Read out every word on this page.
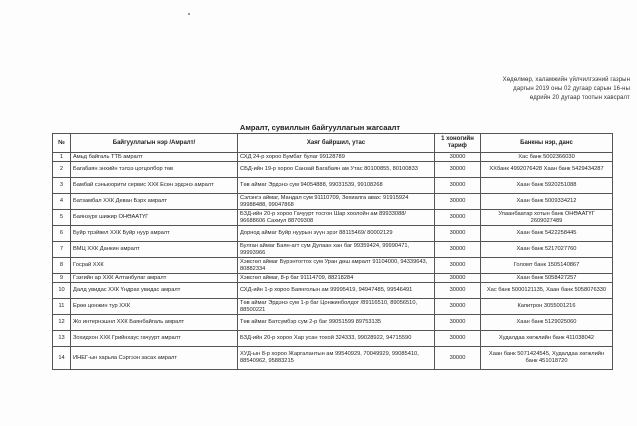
Хөдөлмөр, халамжийн үйлчилгээний газрын
даргын 2019 оны 02 дугаар сарын 16-ны
өдрийн 20 дугаар тоотын хавсралт
Амралт, сувиллын байгууллагын жагсаалт
№	Байгууллагын нэр /Амралт/	Хаяг байршил, утас	1 хоногийн тариф	Банкны нэр, данс
1	Амьд байгаль ТТБ амралт	СХД 24-р хороо Бумбат булаг 99128789	30000	Хас банк 5002366030
2	Багабаян энхийн тэлээ цогцолбор төв	СБД-ийн 19-р хороо Санзай Багабаян ам Утас 80100855, 80100833	30000	ХХбанк 4992076428 Хаан банк 5429434287
3	Бамбай сэньюорити сервис ХХК Есөн эрдэнэ амралт	Төв аймаг Эрдэнэ сум 94054888, 99031539, 99108268	30000	Хаан банк 5920251088
4	Батзамбал ХХК Деван Бэрх амралт	Сэлэнгэ аймаг, Мандал сум 91110709, Зөхиалга авах: 91915924 99988488, 99047868	30000	Хаан банк 5009334212
5	Баянзүрх шижир ОНӨААТҮГ	БЗД-ийн 20-р хороо Гачуурт тосгон Шар хоолойн ам 89933088/ 96688606 Сахиул 88709308	30000	Улаанбаатар хотын банк ОНӨААТҮГ 2609027489
6	Буйр трэйвел ХХК Буйр нуур амралт	Дорнод аймаг Буйр нуурын зүүн эрэг 88115469/ 80002129	30000	Хаан банк 5422258445
7	ВМЦ ХХК Данкин амралт	Булган аймаг Баян-агт сум Дулаан хан баг 99359424, 99990471, 99993966	30000	Хаан банк 5217027760
8	Госрай ХХК	Хэвсгөл аймаг Бүрэнтогтох сум Уран дөш амралт 91104000, 94339643, 80882334	30000	Голомт банк 1505140867
9	Гэзгийн ар ХХК Алтанбулаг амралт	Хэвсгөл аймаг, 8-р баг 91114709, 88218284	30000	Хаан банк 5058427257
10	Далд увидас ХХК Үндрах увидас амралт	СХД-ийн 1-р хороо Баянголын ам 99995419, 94947485, 99546491	30000	Хас банк 5000121135, Хаан банк 5058076330
11	Ерөө цонжин тур ХХК	Төв аймаг Эрдэнэ сум 1-р баг Цонжинболдог /89116510, 89056510, 88500221	30000	Капитрон 3055001216
12	Жо интернэшнл ХХК Баянбайгаль амралт	Төв аймаг Батсүмбэр сум 2-р баг 99051599 89753135	30000	Хаан банк 5129025060
13	Зохидхон ХХК Грийнхаус гачуурт амралт	БЗД-ийн 20-р хороо Хар усан тохой 324333, 99028922, 94715590	30000	Худалдаа хөгжлийн банк 411038042
14	ИНЕГ-ын харьяа Сэргээн засах амралт	ХУД-ын 8-р хороо Жаргалантын ам 99540929, 70049929, 99085410, 88540962, 95883215	30000	Хаан банк 5071424545, Худалдаа хөгжлийн банк 451018720
